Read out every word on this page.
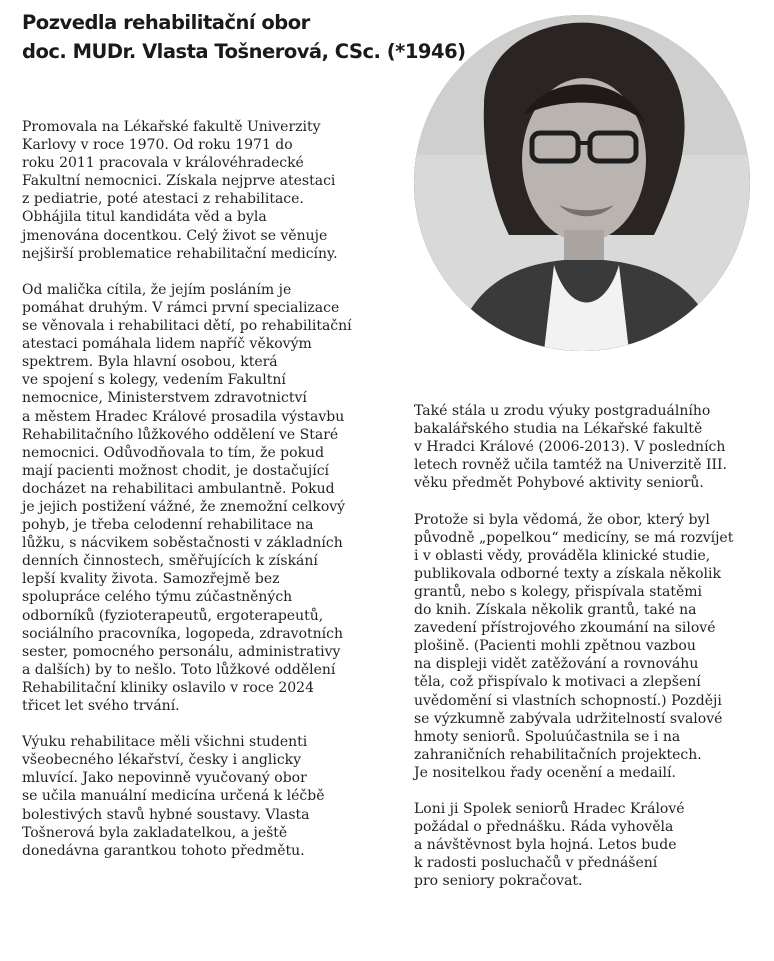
Pozvedla rehabilitační obor
doc. MUDr. Vlasta Tošnerová, CSc. (*1946)

Promovala na Lékařské fakultě Univerzity
Karlovy v roce 1970. Od roku 1971 do
roku 2011 pracovala v královéhradecké
Fakultní nemocnici. Získala nejprve atestaci
z pediatrie, poté atestaci z rehabilitace.
Obhájila titul kandidáta věd a byla
jmenována docentkou. Celý život se věnuje
nejširší problematice rehabilitační medicíny.

Od malička cítila, že jejím posláním je
pomáhat druhým. V rámci první specializace
se věnovala i rehabilitaci dětí, po rehabilitační
atestaci pomáhala lidem napříč věkovým
spektrem. Byla hlavní osobou, která
ve spojení s kolegy, vedením Fakultní
nemocnice, Ministerstvem zdravotnictví
a městem Hradec Králové prosadila výstavbu
Rehabilitačního lůžkového oddělení ve Staré
nemocnici. Odůvodňovala to tím, že pokud
mají pacienti možnost chodit, je dostačující
docházet na rehabilitaci ambulantně. Pokud
je jejich postižení vážné, že znemožní celkový
pohyb, je třeba celodenní rehabilitace na
lůžku, s nácvikem soběstačnosti v základních
denních činnostech, směřujících k získání
lepší kvality života. Samozřejmě bez
spolupráce celého týmu zúčastněných
odborníků (fyzioterapeutů, ergoterapeutů,
sociálního pracovníka, logopeda, zdravotních
sester, pomocného personálu, administrativy
a dalších) by to nešlo. Toto lůžkové oddělení
Rehabilitační kliniky oslavilo v roce 2024
třicet let svého trvání.

Výuku rehabilitace měli všichni studenti
všeobecného lékařství, česky i anglicky
mluvící. Jako nepovinně vyučovaný obor
se učila manuální medicína určená k léčbě
bolestivých stavů hybné soustavy. Vlasta
Tošnerová byla zakladatelkou, a ještě
donedávna garantkou tohoto předmětu.

Také stála u zrodu výuky postgraduálního
bakalářského studia na Lékařské fakultě
v Hradci Králové (2006-2013). V posledních
letech rovněž učila tamtéž na Univerzitě III.
věku předmět Pohybové aktivity seniorů.

Protože si byla vědomá, že obor, který byl
původně „popelkou“ medicíny, se má rozvíjet
i v oblasti vědy, prováděla klinické studie,
publikovala odborné texty a získala několik
grantů, nebo s kolegy, přispívala statěmi
do knih. Získala několik grantů, také na
zavedení přístrojového zkoumání na silové
plošině. (Pacienti mohli zpětnou vazbou
na displeji vidět zatěžování a rovnováhu
těla, což přispívalo k motivaci a zlepšení
uvědomění si vlastních schopností.) Později
se výzkumně zabývala udržitelností svalové
hmoty seniorů. Spoluúčastnila se i na
zahraničních rehabilitačních projektech.
Je nositelkou řady ocenění a medailí.

Loni ji Spolek seniorů Hradec Králové
požádal o přednášku. Ráda vyhověla
a návštěvnost byla hojná. Letos bude
k radosti posluchačů v přednášení
pro seniory pokračovat.
